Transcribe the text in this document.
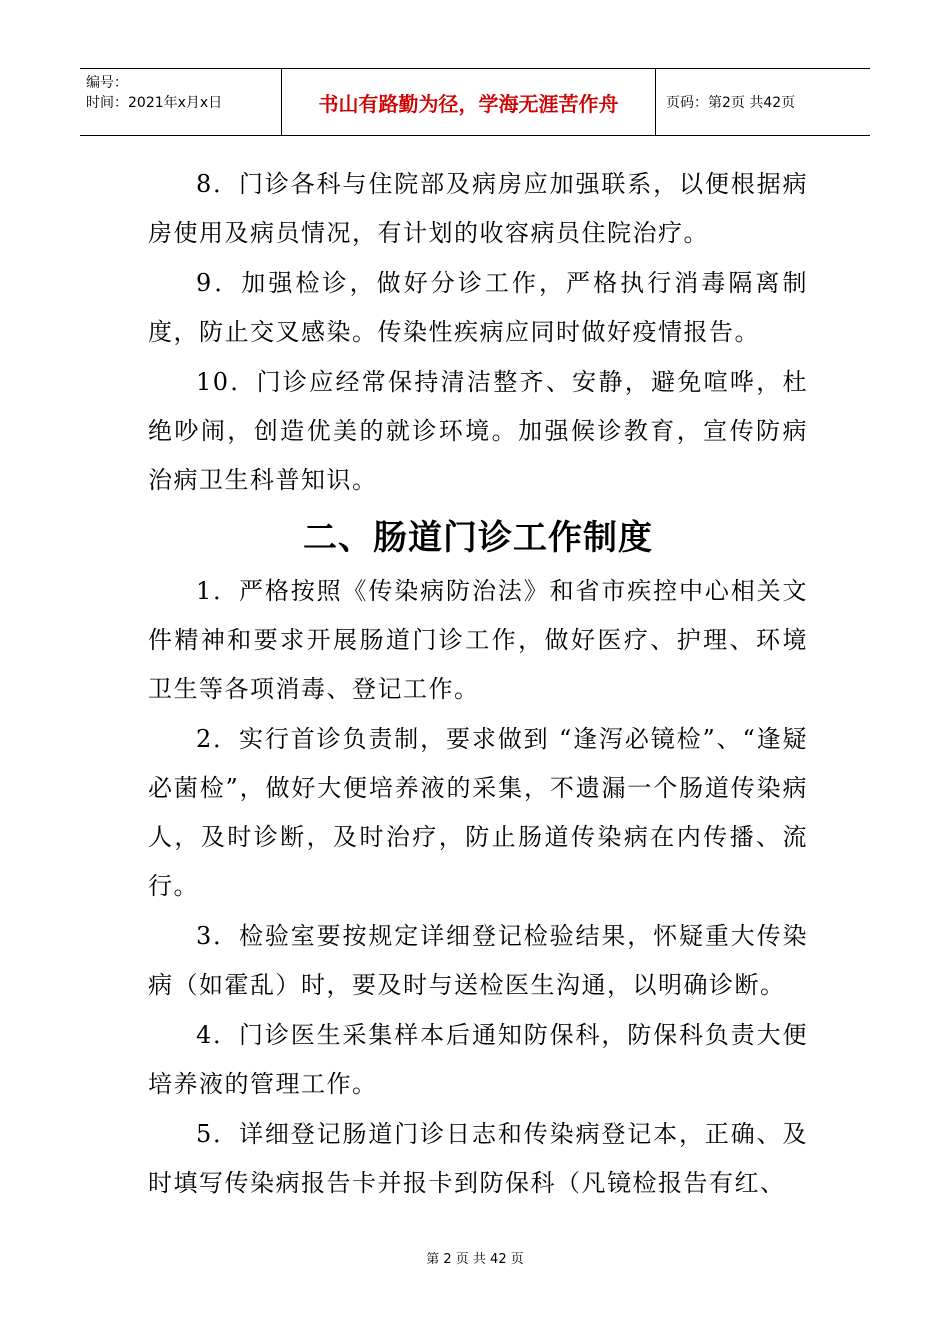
编号：
时间：2021年x月x日	书山有路勤为径，学海无涯苦作舟	页码：第2页 共42页

8．门诊各科与住院部及病房应加强联系，以便根据病房使用及病员情况，有计划的收容病员住院治疗。

9．加强检诊，做好分诊工作，严格执行消毒隔离制度，防止交叉感染。传染性疾病应同时做好疫情报告。

10．门诊应经常保持清洁整齐、安静，避免喧哗，杜绝吵闹，创造优美的就诊环境。加强候诊教育，宣传防病治病卫生科普知识。

二、肠道门诊工作制度

1．严格按照《传染病防治法》和省市疾控中心相关文件精神和要求开展肠道门诊工作，做好医疗、护理、环境卫生等各项消毒、登记工作。

2．实行首诊负责制，要求做到 “逢泻必镜检”、“逢疑必菌检”，做好大便培养液的采集，不遗漏一个肠道传染病人，及时诊断，及时治疗，防止肠道传染病在内传播、流行。

3．检验室要按规定详细登记检验结果，怀疑重大传染病（如霍乱）时，要及时与送检医生沟通，以明确诊断。

4．门诊医生采集样本后通知防保科，防保科负责大便培养液的管理工作。

5．详细登记肠道门诊日志和传染病登记本，正确、及时填写传染病报告卡并报卡到防保科（凡镜检报告有红、

第 2 页 共 42 页
